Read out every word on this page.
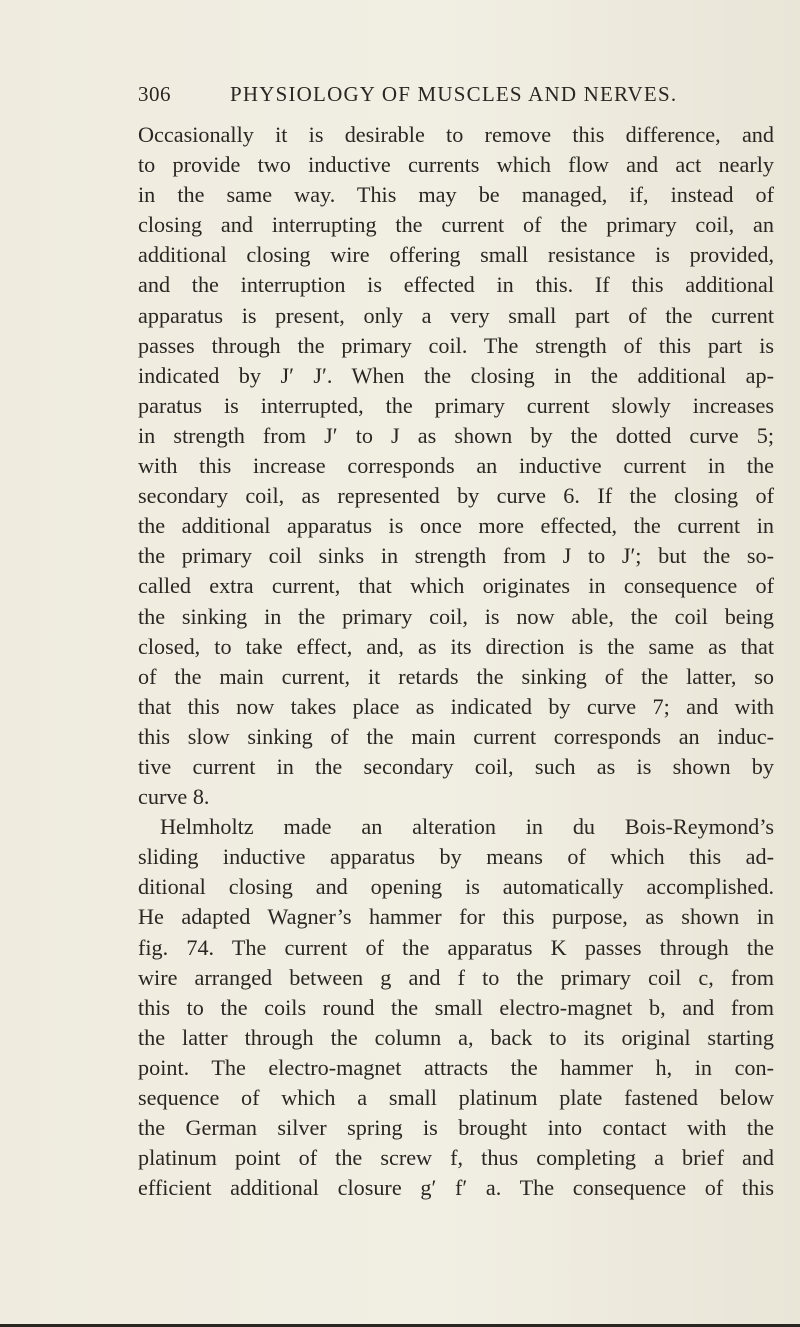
306	PHYSIOLOGY OF MUSCLES AND NERVES.
Occasionally it is desirable to remove this difference, and
to provide two inductive currents which flow and act nearly
in the same way. This may be managed, if, instead of
closing and interrupting the current of the primary coil, an
additional closing wire offering small resistance is provided,
and the interruption is effected in this. If this additional
apparatus is present, only a very small part of the current
passes through the primary coil. The strength of this part is
indicated by J′ J′. When the closing in the additional ap-
paratus is interrupted, the primary current slowly increases
in strength from J′ to J as shown by the dotted curve 5;
with this increase corresponds an inductive current in the
secondary coil, as represented by curve 6. If the closing of
the additional apparatus is once more effected, the current in
the primary coil sinks in strength from J to J′; but the so-
called extra current, that which originates in consequence of
the sinking in the primary coil, is now able, the coil being
closed, to take effect, and, as its direction is the same as that
of the main current, it retards the sinking of the latter, so
that this now takes place as indicated by curve 7; and with
this slow sinking of the main current corresponds an induc-
tive current in the secondary coil, such as is shown by
curve 8.
Helmholtz made an alteration in du Bois-Reymond’s
sliding inductive apparatus by means of which this ad-
ditional closing and opening is automatically accomplished.
He adapted Wagner’s hammer for this purpose, as shown in
fig. 74. The current of the apparatus K passes through the
wire arranged between g and f to the primary coil c, from
this to the coils round the small electro-magnet b, and from
the latter through the column a, back to its original starting
point. The electro-magnet attracts the hammer h, in con-
sequence of which a small platinum plate fastened below
the German silver spring is brought into contact with the
platinum point of the screw f, thus completing a brief and
efficient additional closure g′ f′ a. The consequence of this
